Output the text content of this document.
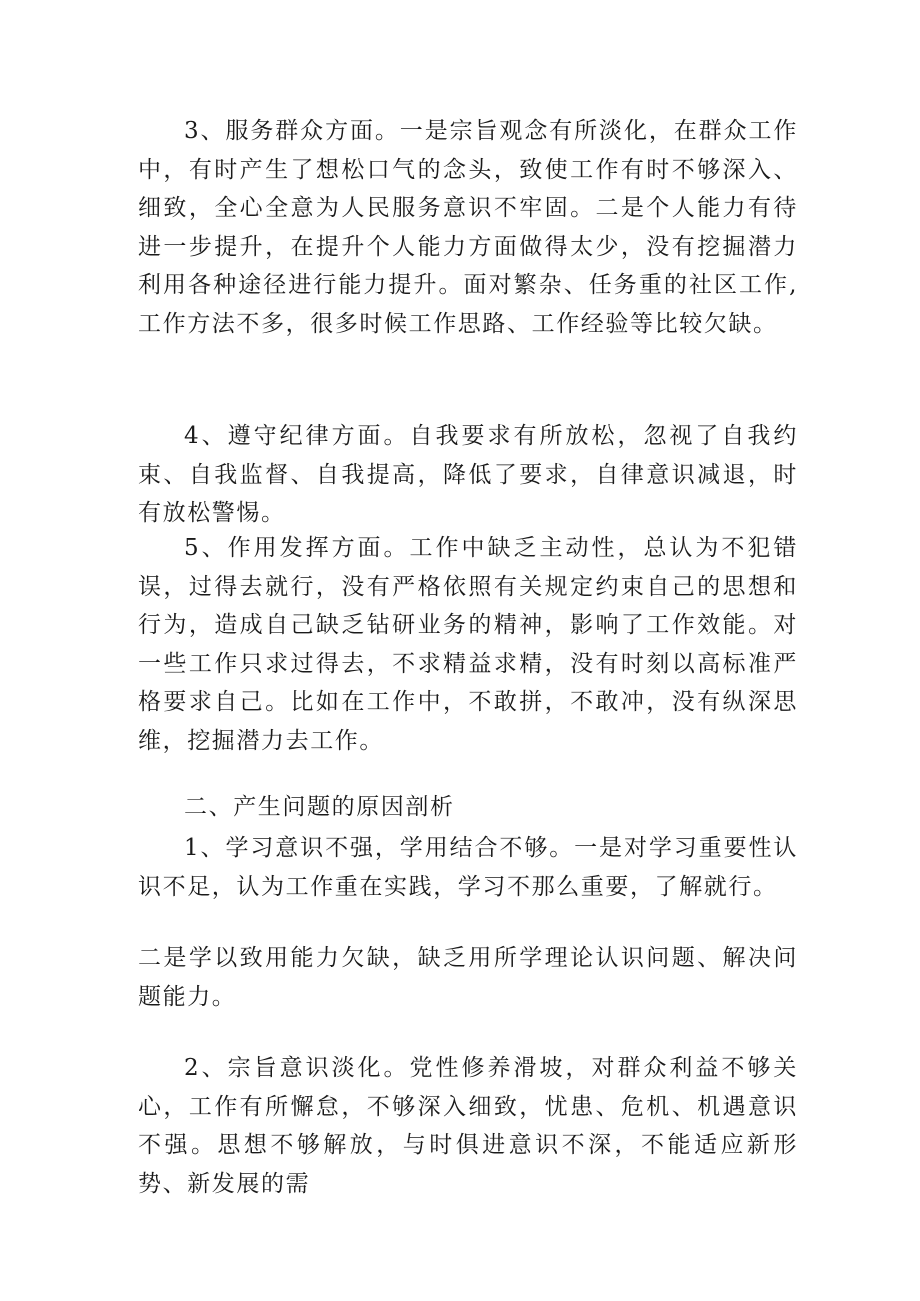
3、服务群众方面。一是宗旨观念有所淡化，在群众工作中，有时产生了想松口气的念头，致使工作有时不够深入、细致，全心全意为人民服务意识不牢固。二是个人能力有待进一步提升，在提升个人能力方面做得太少，没有挖掘潜力利用各种途径进行能力提升。面对繁杂、任务重的社区工作,工作方法不多，很多时候工作思路、工作经验等比较欠缺。

4、遵守纪律方面。自我要求有所放松，忽视了自我约束、自我监督、自我提高，降低了要求，自律意识减退，时有放松警惕。

5、作用发挥方面。工作中缺乏主动性，总认为不犯错误，过得去就行，没有严格依照有关规定约束自己的思想和行为，造成自己缺乏钻研业务的精神，影响了工作效能。对一些工作只求过得去，不求精益求精，没有时刻以高标准严格要求自己。比如在工作中，不敢拼，不敢冲，没有纵深思维，挖掘潜力去工作。

二、产生问题的原因剖析

1、学习意识不强，学用结合不够。一是对学习重要性认识不足，认为工作重在实践，学习不那么重要，了解就行。

二是学以致用能力欠缺，缺乏用所学理论认识问题、解决问题能力。

2、宗旨意识淡化。党性修养滑坡，对群众利益不够关心，工作有所懈怠，不够深入细致，忧患、危机、机遇意识不强。思想不够解放，与时俱进意识不深，不能适应新形势、新发展的需
